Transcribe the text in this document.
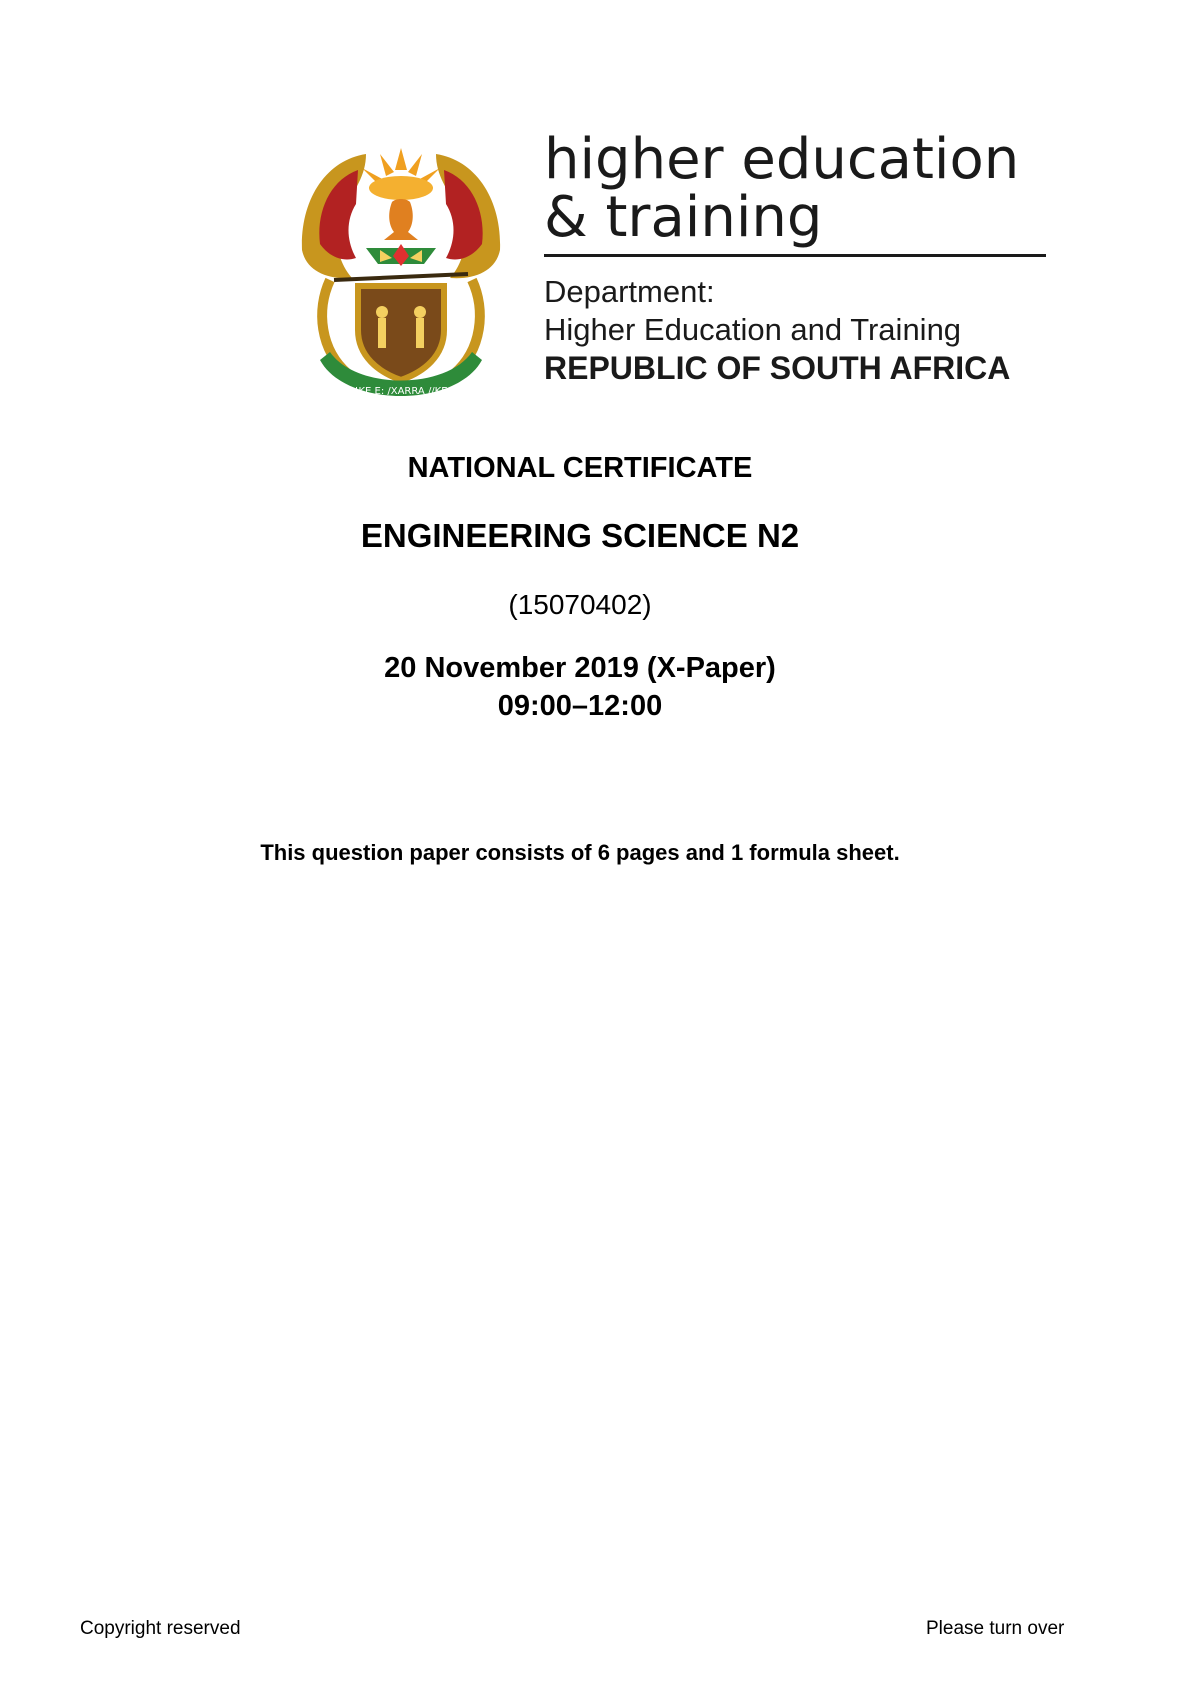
!KE E: /XARRA //KE
higher education
& training
Department:
Higher Education and Training
REPUBLIC OF SOUTH AFRICA
NATIONAL CERTIFICATE
ENGINEERING SCIENCE N2
(15070402)
20 November 2019 (X-Paper)
09:00–12:00
This question paper consists of 6 pages and 1 formula sheet.
Copyright reserved	Please turn over
